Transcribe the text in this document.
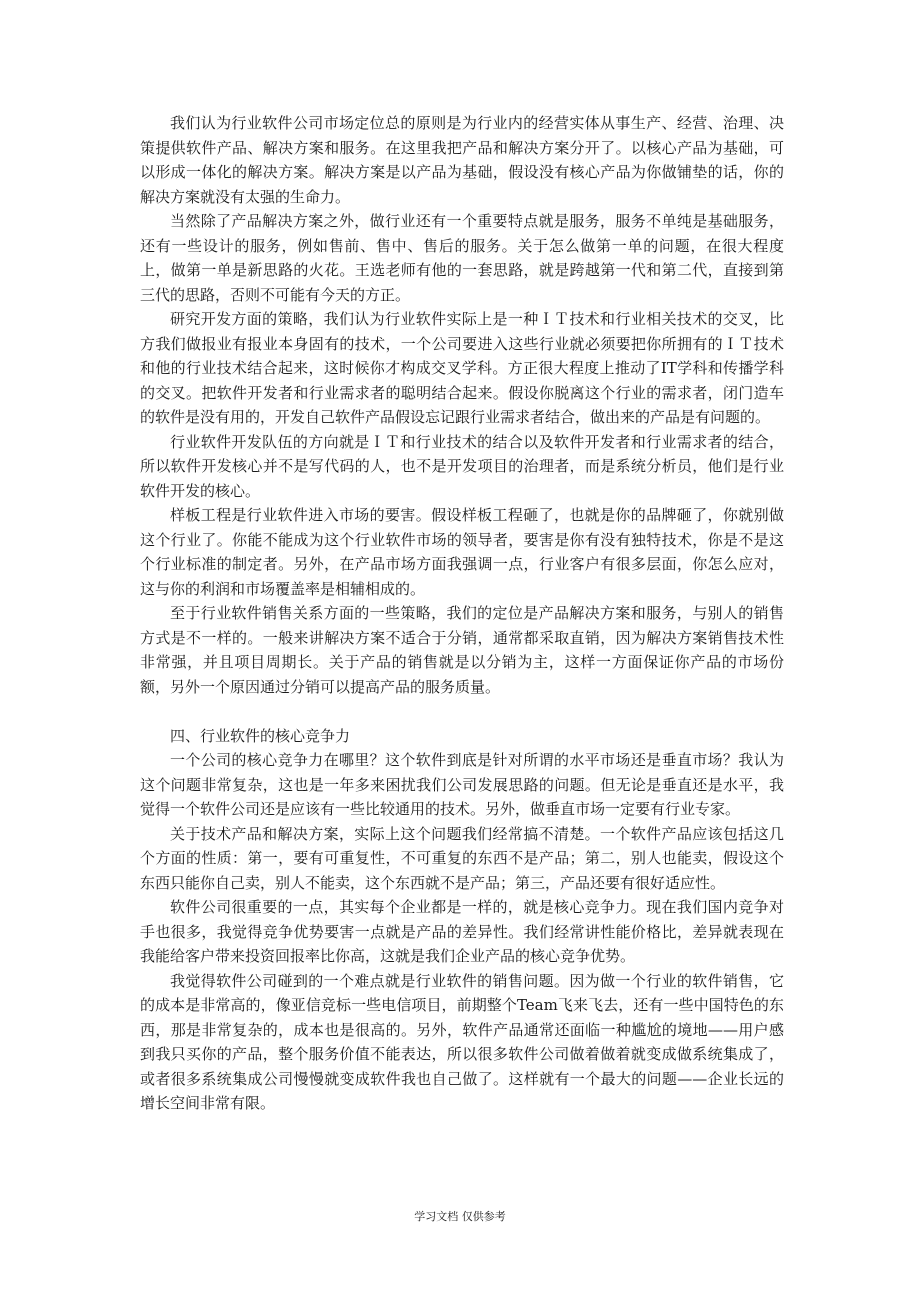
我们认为行业软件公司市场定位总的原则是为行业内的经营实体从事生产、经营、治理、决策提供软件产品、解决方案和服务。在这里我把产品和解决方案分开了。以核心产品为基础，可以形成一体化的解决方案。解决方案是以产品为基础，假设没有核心产品为你做铺垫的话，你的解决方案就没有太强的生命力。

当然除了产品解决方案之外，做行业还有一个重要特点就是服务，服务不单纯是基础服务，还有一些设计的服务，例如售前、售中、售后的服务。关于怎么做第一单的问题，在很大程度上，做第一单是新思路的火花。王选老师有他的一套思路，就是跨越第一代和第二代，直接到第三代的思路，否则不可能有今天的方正。

研究开发方面的策略，我们认为行业软件实际上是一种ＩＴ技术和行业相关技术的交叉，比方我们做报业有报业本身固有的技术，一个公司要进入这些行业就必须要把你所拥有的ＩＴ技术和他的行业技术结合起来，这时候你才构成交叉学科。方正很大程度上推动了IT学科和传播学科的交叉。把软件开发者和行业需求者的聪明结合起来。假设你脱离这个行业的需求者，闭门造车的软件是没有用的，开发自己软件产品假设忘记跟行业需求者结合，做出来的产品是有问题的。

行业软件开发队伍的方向就是ＩＴ和行业技术的结合以及软件开发者和行业需求者的结合，所以软件开发核心并不是写代码的人，也不是开发项目的治理者，而是系统分析员，他们是行业软件开发的核心。

样板工程是行业软件进入市场的要害。假设样板工程砸了，也就是你的品牌砸了，你就别做这个行业了。你能不能成为这个行业软件市场的领导者，要害是你有没有独特技术，你是不是这个行业标准的制定者。另外，在产品市场方面我强调一点，行业客户有很多层面，你怎么应对，这与你的利润和市场覆盖率是相辅相成的。

至于行业软件销售关系方面的一些策略，我们的定位是产品解决方案和服务，与别人的销售方式是不一样的。一般来讲解决方案不适合于分销，通常都采取直销，因为解决方案销售技术性非常强，并且项目周期长。关于产品的销售就是以分销为主，这样一方面保证你产品的市场份额，另外一个原因通过分销可以提高产品的服务质量。

四、行业软件的核心竞争力

一个公司的核心竞争力在哪里？这个软件到底是针对所谓的水平市场还是垂直市场？我认为这个问题非常复杂，这也是一年多来困扰我们公司发展思路的问题。但无论是垂直还是水平，我觉得一个软件公司还是应该有一些比较通用的技术。另外，做垂直市场一定要有行业专家。

关于技术产品和解决方案，实际上这个问题我们经常搞不清楚。一个软件产品应该包括这几个方面的性质：第一，要有可重复性，不可重复的东西不是产品；第二，别人也能卖，假设这个东西只能你自己卖，别人不能卖，这个东西就不是产品；第三，产品还要有很好适应性。

软件公司很重要的一点，其实每个企业都是一样的，就是核心竞争力。现在我们国内竞争对手也很多，我觉得竞争优势要害一点就是产品的差异性。我们经常讲性能价格比，差异就表现在我能给客户带来投资回报率比你高，这就是我们企业产品的核心竞争优势。

我觉得软件公司碰到的一个难点就是行业软件的销售问题。因为做一个行业的软件销售，它的成本是非常高的，像亚信竞标一些电信项目，前期整个Team飞来飞去，还有一些中国特色的东西，那是非常复杂的，成本也是很高的。另外，软件产品通常还面临一种尴尬的境地——用户感到我只买你的产品，整个服务价值不能表达，所以很多软件公司做着做着就变成做系统集成了，或者很多系统集成公司慢慢就变成软件我也自己做了。这样就有一个最大的问题——企业长远的增长空间非常有限。

学习文档 仅供参考
